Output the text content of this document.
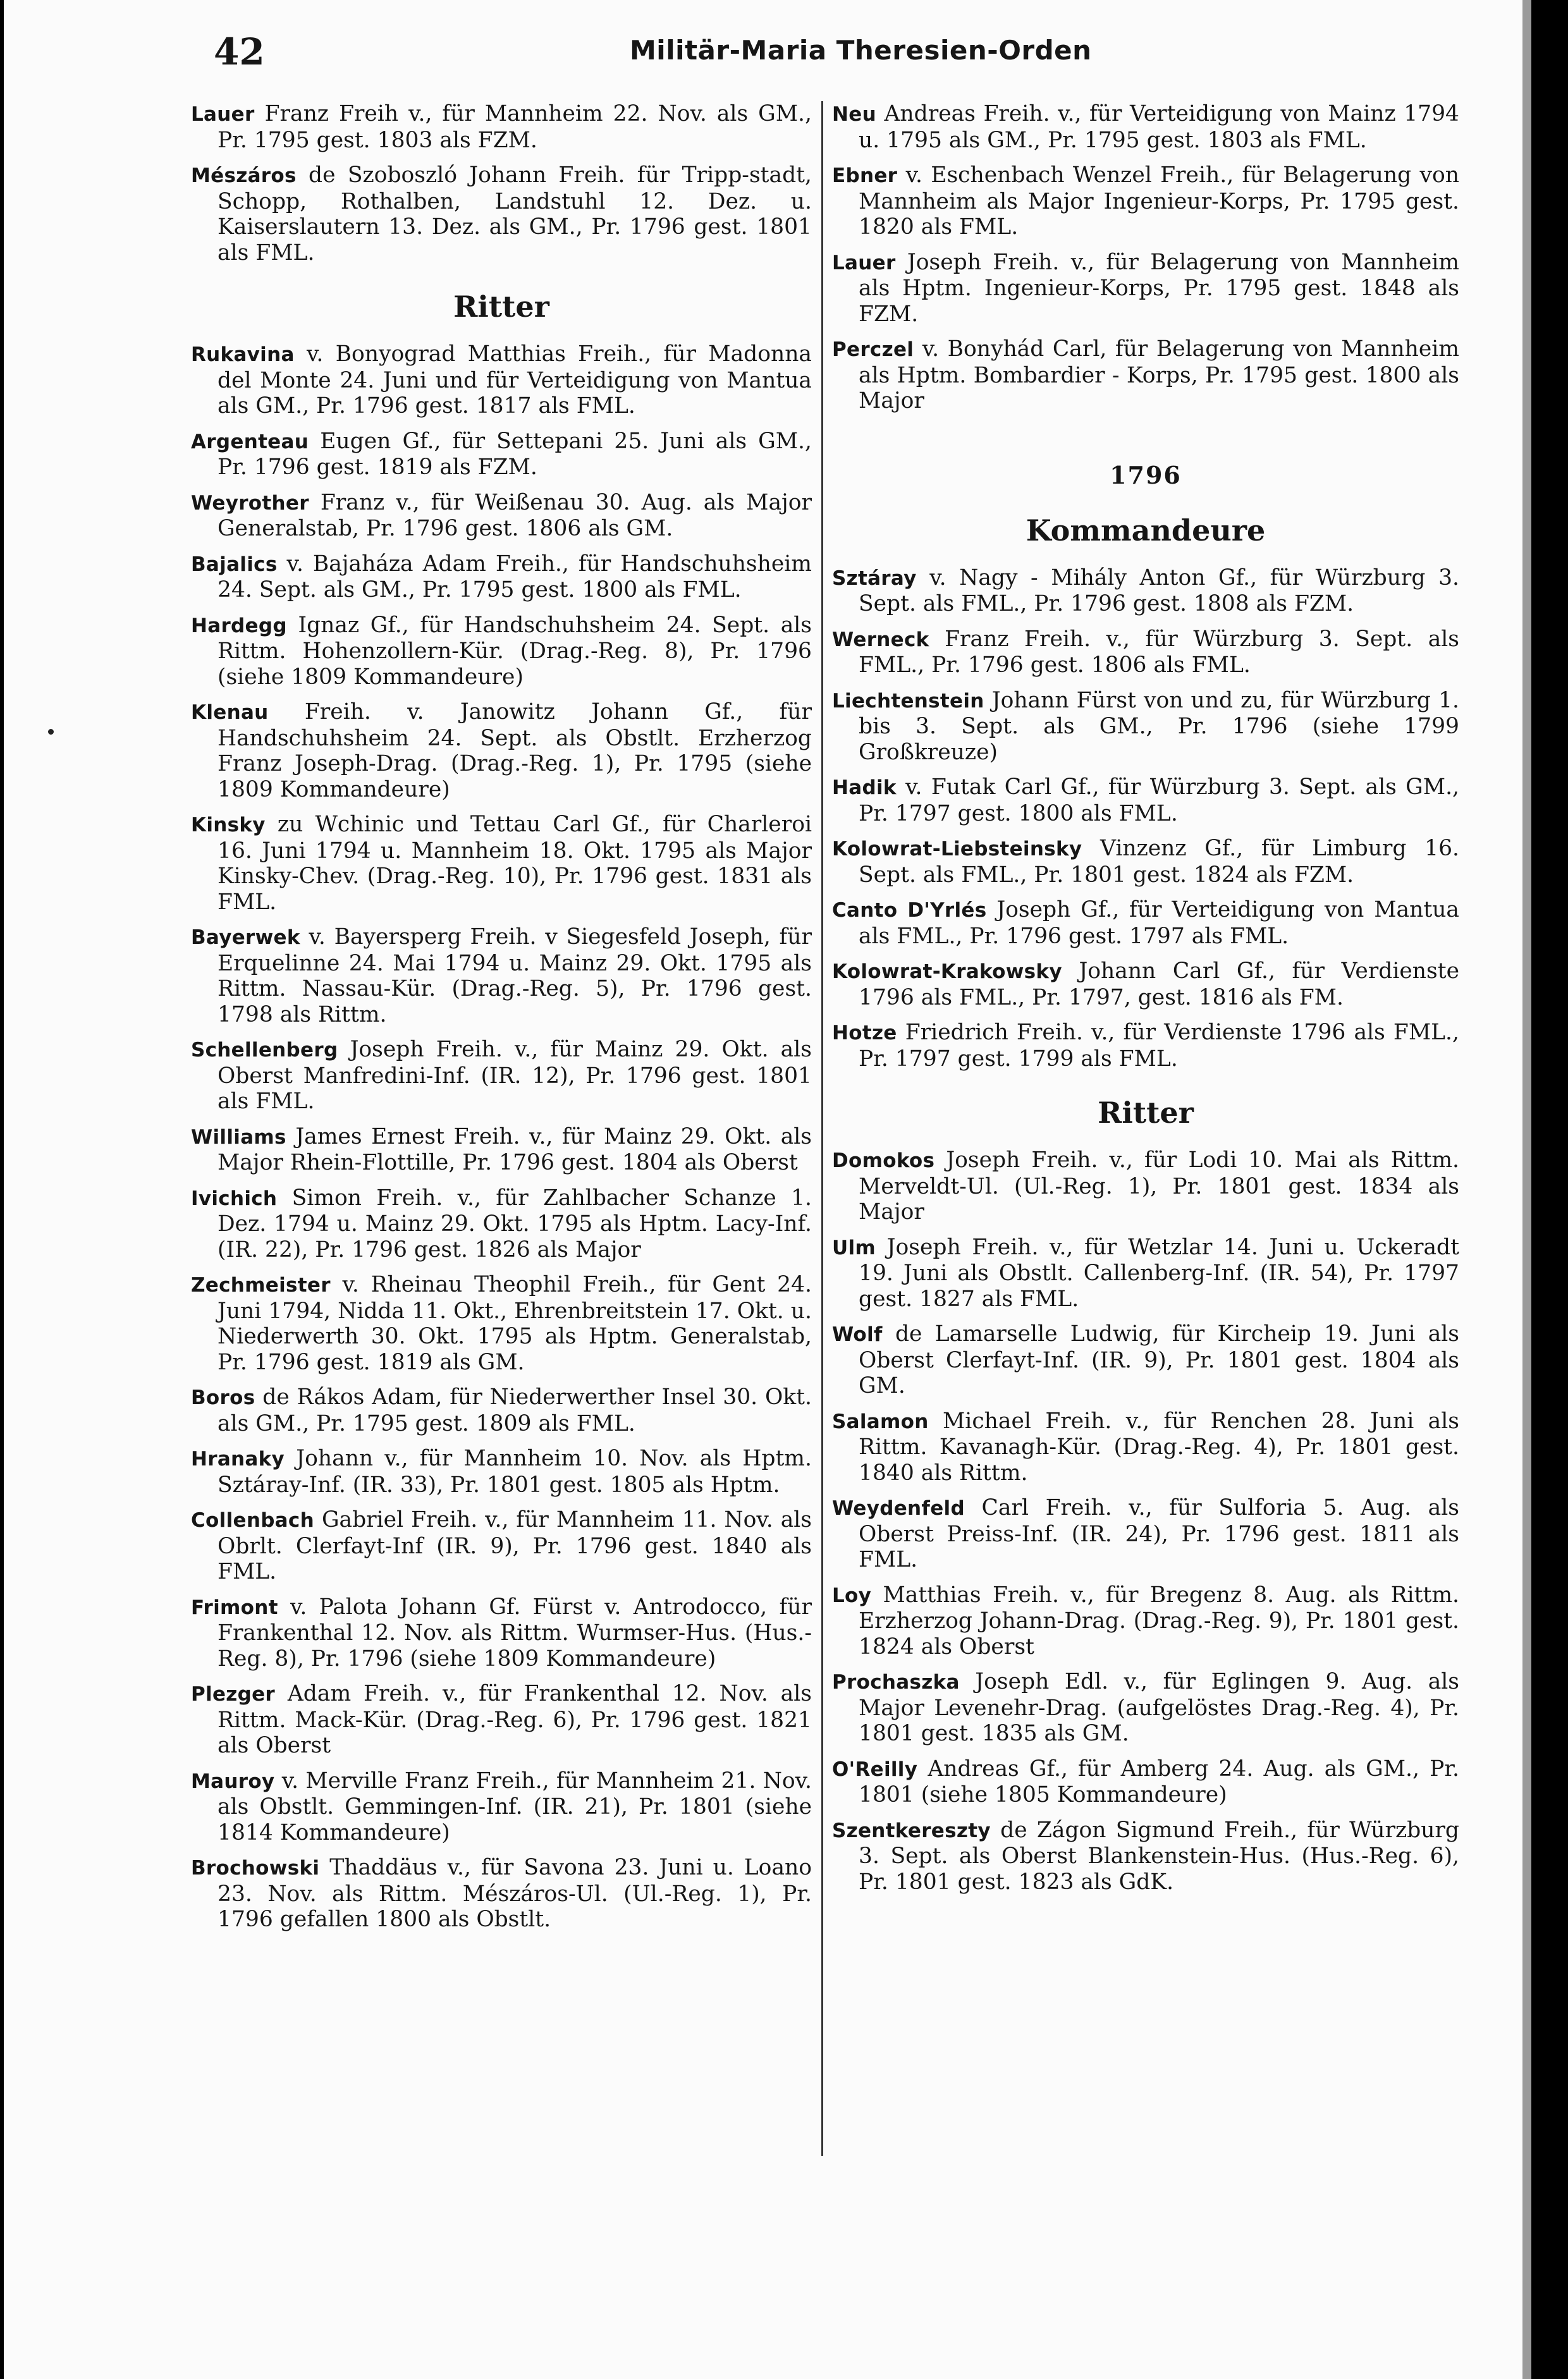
42	Militär-Maria Theresien-Orden

Lauer Franz Freih v., für Mannheim 22. Nov. als GM., Pr. 1795 gest. 1803 als FZM.

Mészáros de Szoboszló Johann Freih. für Tripp-stadt, Schopp, Rothalben, Landstuhl 12. Dez. u. Kaiserslautern 13. Dez. als GM., Pr. 1796 gest. 1801 als FML.

Ritter

Rukavina v. Bonyograd Matthias Freih., für Madonna del Monte 24. Juni und für Verteidigung von Mantua als GM., Pr. 1796 gest. 1817 als FML.

Argenteau Eugen Gf., für Settepani 25. Juni als GM., Pr. 1796 gest. 1819 als FZM.

Weyrother Franz v., für Weißenau 30. Aug. als Major Generalstab, Pr. 1796 gest. 1806 als GM.

Bajalics v. Bajaháza Adam Freih., für Handschuhsheim 24. Sept. als GM., Pr. 1795 gest. 1800 als FML.

Hardegg Ignaz Gf., für Handschuhsheim 24. Sept. als Rittm. Hohenzollern-Kür. (Drag.-Reg. 8), Pr. 1796 (siehe 1809 Kommandeure)

Klenau Freih. v. Janowitz Johann Gf., für Handschuhsheim 24. Sept. als Obstlt. Erzherzog Franz Joseph-Drag. (Drag.-Reg. 1), Pr. 1795 (siehe 1809 Kommandeure)

Kinsky zu Wchinic und Tettau Carl Gf., für Charleroi 16. Juni 1794 u. Mannheim 18. Okt. 1795 als Major Kinsky-Chev. (Drag.-Reg. 10), Pr. 1796 gest. 1831 als FML.

Bayerwek v. Bayersperg Freih. v Siegesfeld Joseph, für Erquelinne 24. Mai 1794 u. Mainz 29. Okt. 1795 als Rittm. Nassau-Kür. (Drag.-Reg. 5), Pr. 1796 gest. 1798 als Rittm.

Schellenberg Joseph Freih. v., für Mainz 29. Okt. als Oberst Manfredini-Inf. (IR. 12), Pr. 1796 gest. 1801 als FML.

Williams James Ernest Freih. v., für Mainz 29. Okt. als Major Rhein-Flottille, Pr. 1796 gest. 1804 als Oberst

Ivichich Simon Freih. v., für Zahlbacher Schanze 1. Dez. 1794 u. Mainz 29. Okt. 1795 als Hptm. Lacy-Inf. (IR. 22), Pr. 1796 gest. 1826 als Major

Zechmeister v. Rheinau Theophil Freih., für Gent 24. Juni 1794, Nidda 11. Okt., Ehrenbreitstein 17. Okt. u. Niederwerth 30. Okt. 1795 als Hptm. Generalstab, Pr. 1796 gest. 1819 als GM.

Boros de Rákos Adam, für Niederwerther Insel 30. Okt. als GM., Pr. 1795 gest. 1809 als FML.

Hranaky Johann v., für Mannheim 10. Nov. als Hptm. Sztáray-Inf. (IR. 33), Pr. 1801 gest. 1805 als Hptm.

Collenbach Gabriel Freih. v., für Mannheim 11. Nov. als Obrlt. Clerfayt-Inf (IR. 9), Pr. 1796 gest. 1840 als FML.

Frimont v. Palota Johann Gf. Fürst v. Antrodocco, für Frankenthal 12. Nov. als Rittm. Wurmser-Hus. (Hus.-Reg. 8), Pr. 1796 (siehe 1809 Kommandeure)

Plezger Adam Freih. v., für Frankenthal 12. Nov. als Rittm. Mack-Kür. (Drag.-Reg. 6), Pr. 1796 gest. 1821 als Oberst

Mauroy v. Merville Franz Freih., für Mannheim 21. Nov. als Obstlt. Gemmingen-Inf. (IR. 21), Pr. 1801 (siehe 1814 Kommandeure)

Brochowski Thaddäus v., für Savona 23. Juni u. Loano 23. Nov. als Rittm. Mészáros-Ul. (Ul.-Reg. 1), Pr. 1796 gefallen 1800 als Obstlt.

Neu Andreas Freih. v., für Verteidigung von Mainz 1794 u. 1795 als GM., Pr. 1795 gest. 1803 als FML.

Ebner v. Eschenbach Wenzel Freih., für Belagerung von Mannheim als Major Ingenieur-Korps, Pr. 1795 gest. 1820 als FML.

Lauer Joseph Freih. v., für Belagerung von Mannheim als Hptm. Ingenieur-Korps, Pr. 1795 gest. 1848 als FZM.

Perczel v. Bonyhád Carl, für Belagerung von Mannheim als Hptm. Bombardier - Korps, Pr. 1795 gest. 1800 als Major

1796
Kommandeure

Sztáray v. Nagy - Mihály Anton Gf., für Würzburg 3. Sept. als FML., Pr. 1796 gest. 1808 als FZM.

Werneck Franz Freih. v., für Würzburg 3. Sept. als FML., Pr. 1796 gest. 1806 als FML.

Liechtenstein Johann Fürst von und zu, für Würzburg 1. bis 3. Sept. als GM., Pr. 1796 (siehe 1799 Großkreuze)

Hadik v. Futak Carl Gf., für Würzburg 3. Sept. als GM., Pr. 1797 gest. 1800 als FML.

Kolowrat-Liebsteinsky Vinzenz Gf., für Limburg 16. Sept. als FML., Pr. 1801 gest. 1824 als FZM.

Canto D'Yrlés Joseph Gf., für Verteidigung von Mantua als FML., Pr. 1796 gest. 1797 als FML.

Kolowrat-Krakowsky Johann Carl Gf., für Verdienste 1796 als FML., Pr. 1797, gest. 1816 als FM.

Hotze Friedrich Freih. v., für Verdienste 1796 als FML., Pr. 1797 gest. 1799 als FML.

Ritter

Domokos Joseph Freih. v., für Lodi 10. Mai als Rittm. Merveldt-Ul. (Ul.-Reg. 1), Pr. 1801 gest. 1834 als Major

Ulm Joseph Freih. v., für Wetzlar 14. Juni u. Uckeradt 19. Juni als Obstlt. Callenberg-Inf. (IR. 54), Pr. 1797 gest. 1827 als FML.

Wolf de Lamarselle Ludwig, für Kircheip 19. Juni als Oberst Clerfayt-Inf. (IR. 9), Pr. 1801 gest. 1804 als GM.

Salamon Michael Freih. v., für Renchen 28. Juni als Rittm. Kavanagh-Kür. (Drag.-Reg. 4), Pr. 1801 gest. 1840 als Rittm.

Weydenfeld Carl Freih. v., für Sulforia 5. Aug. als Oberst Preiss-Inf. (IR. 24), Pr. 1796 gest. 1811 als FML.

Loy Matthias Freih. v., für Bregenz 8. Aug. als Rittm. Erzherzog Johann-Drag. (Drag.-Reg. 9), Pr. 1801 gest. 1824 als Oberst

Prochaszka Joseph Edl. v., für Eglingen 9. Aug. als Major Levenehr-Drag. (aufgelöstes Drag.-Reg. 4), Pr. 1801 gest. 1835 als GM.

O'Reilly Andreas Gf., für Amberg 24. Aug. als GM., Pr. 1801 (siehe 1805 Kommandeure)

Szentkereszty de Zágon Sigmund Freih., für Würzburg 3. Sept. als Oberst Blankenstein-Hus. (Hus.-Reg. 6), Pr. 1801 gest. 1823 als GdK.
